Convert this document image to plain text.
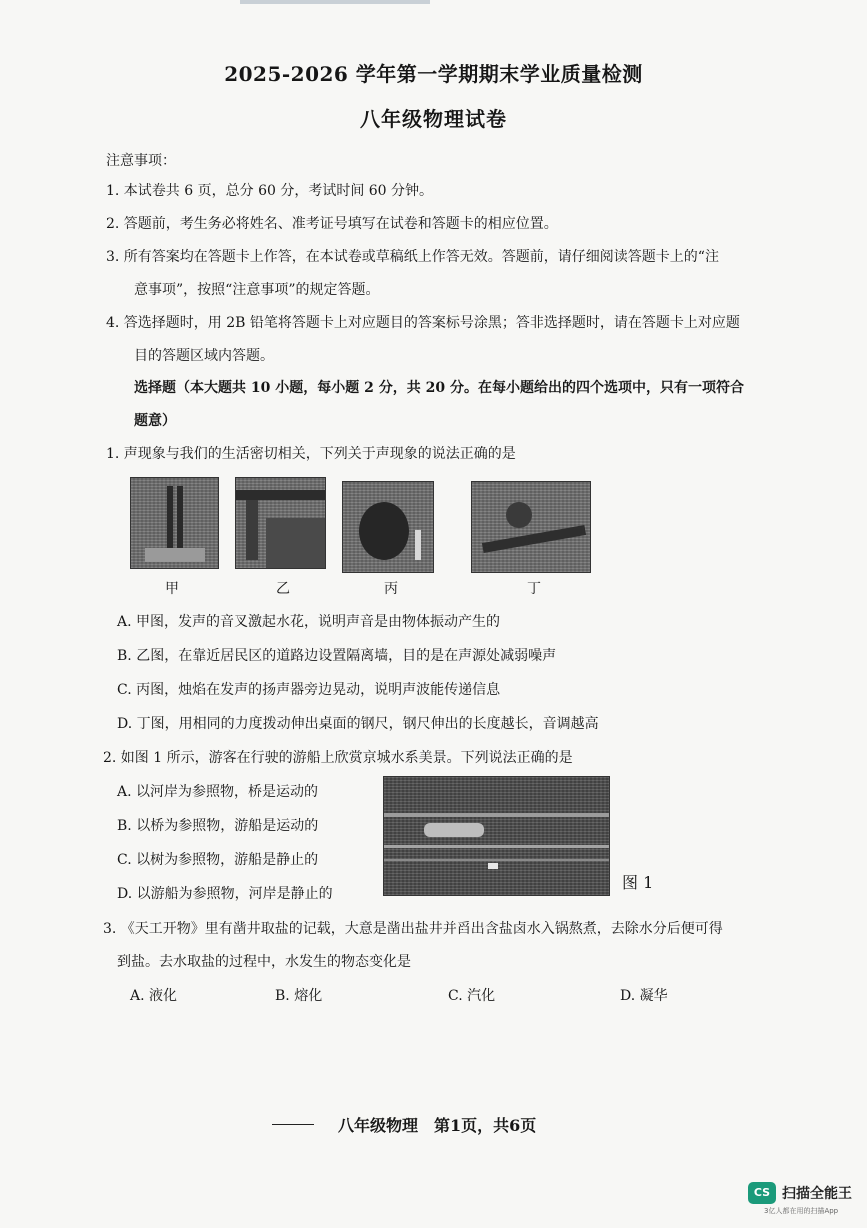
2025-2026 学年第一学期期末学业质量检测
八年级物理试卷
注意事项：
1. 本试卷共 6 页，总分 60 分，考试时间 60 分钟。
2. 答题前，考生务必将姓名、准考证号填写在试卷和答题卡的相应位置。
3. 所有答案均在答题卡上作答，在本试卷或草稿纸上作答无效。答题前，请仔细阅读答题卡上的“注
意事项”，按照“注意事项”的规定答题。
4. 答选择题时，用 2B 铅笔将答题卡上对应题目的答案标号涂黑；答非选择题时，请在答题卡上对应题
目的答题区域内答题。
选择题（本大题共 10 小题，每小题 2 分，共 20 分。在每小题给出的四个选项中，只有一项符合
题意）
1. 声现象与我们的生活密切相关，下列关于声现象的说法正确的是
甲	乙	丙	丁
A. 甲图，发声的音叉激起水花，说明声音是由物体振动产生的
B. 乙图，在靠近居民区的道路边设置隔离墙，目的是在声源处减弱噪声
C. 丙图，烛焰在发声的扬声器旁边晃动，说明声波能传递信息
D. 丁图，用相同的力度拨动伸出桌面的钢尺，钢尺伸出的长度越长，音调越高
2. 如图 1 所示，游客在行驶的游船上欣赏京城水系美景。下列说法正确的是
A. 以河岸为参照物，桥是运动的
B. 以桥为参照物，游船是运动的
C. 以树为参照物，游船是静止的
D. 以游船为参照物，河岸是静止的
图 1
3. 《天工开物》里有凿井取盐的记载，大意是凿出盐井并舀出含盐卤水入锅熬煮，去除水分后便可得
到盐。去水取盐的过程中，水发生的物态变化是
A. 液化	B. 熔化	C. 汽化	D. 凝华
八年级物理　第1页，共6页
CS 扫描全能王
3亿人都在用的扫描App
